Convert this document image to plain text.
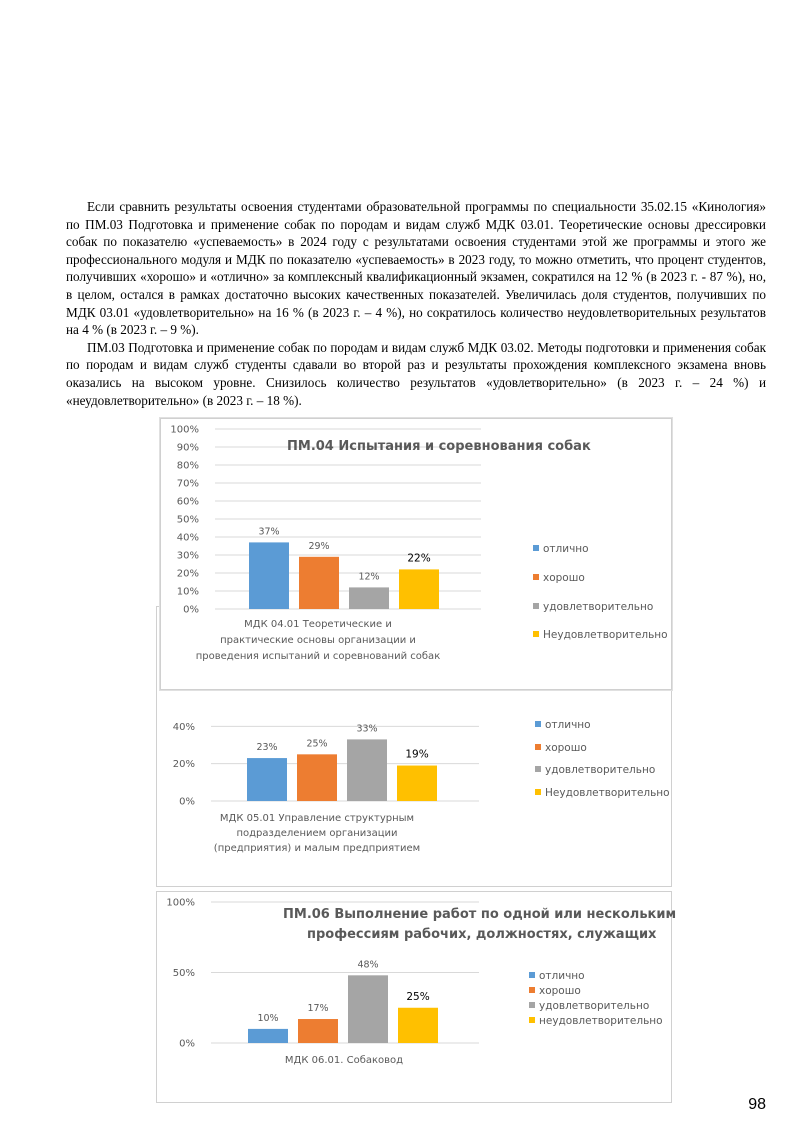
Если сравнить результаты освоения студентами образовательной программы по специальности 35.02.15 «Кинология» по ПМ.03 Подготовка и применение собак по породам и видам служб МДК 03.01. Теоретические основы дрессировки собак по показателю «успеваемость» в 2024 году с результатами освоения студентами этой же программы и этого же профессионального модуля и МДК по показателю «успеваемость» в 2023 году, то можно отметить, что процент студентов, получивших «хорошо» и «отлично» за комплексный квалификационный экзамен, сократился на 12 % (в 2023 г. - 87 %), но, в целом, остался в рамках достаточно высоких качественных показателей. Увеличилась доля студентов, получивших по МДК 03.01 «удовлетворительно» на 16 % (в 2023 г. – 4 %), но сократилось количество неудовлетворительных результатов на 4 % (в 2023 г. – 9 %).

ПМ.03 Подготовка и применение собак по породам и видам служб МДК 03.02. Методы подготовки и применения собак по породам и видам служб студенты сдавали во второй раз и результаты прохождения комплексного экзамена вновь оказались на высоком уровне. Снизилось количество результатов «удовлетворительно» (в 2023 г. – 24 %) и «неудовлетворительно» (в 2023 г. – 18 %).

40%
20%
0%
23%	25%
33%
19%
МДК 05.01 Управление структурным
подразделением организации
(предприятия) и малым предприятием
отлично
хорошо
удовлетворительно
Неудовлетворительно
100%
90%
80%
70%
60%
50%
40%
30%
20%
10%
0%
ПМ.04 Испытания и соревнования собак
37%
29%
12%
22%
МДК 04.01 Теоретические и
практические основы организации и
проведения испытаний и соревнований собак
отлично
хорошо
удовлетворительно
Неудовлетворительно
100%
50%
0%
ПМ.06 Выполнение работ по одной или нескольким
профессиям рабочих, должностях, служащих
10%
17%
48%
25%
МДК 06.01. Собаковод
отлично
хорошо
удовлетворительно
неудовлетворительно
98
